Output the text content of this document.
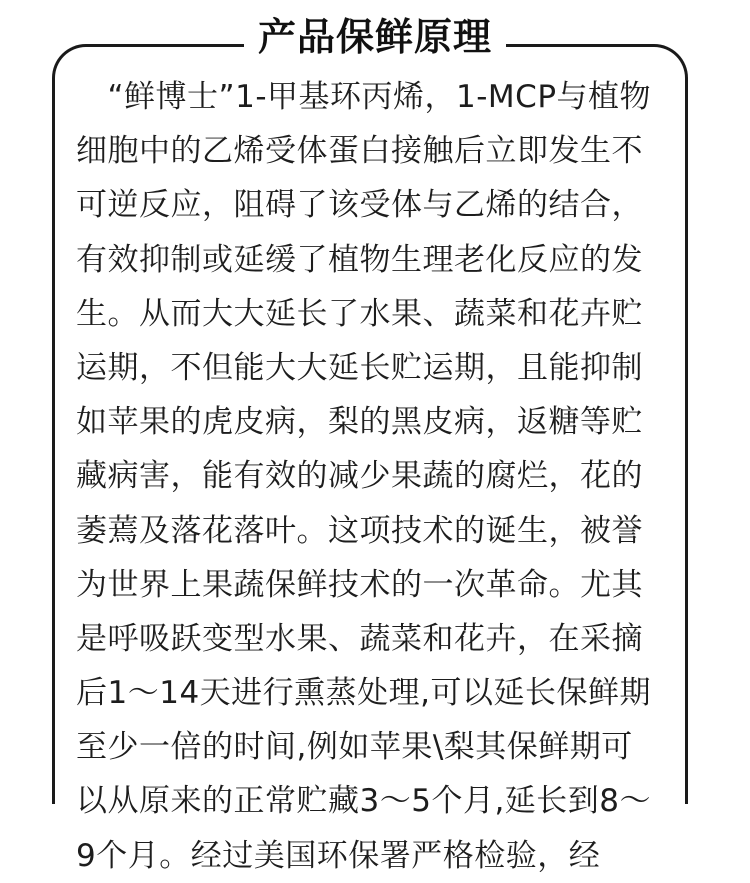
产品保鲜原理
　“鲜博士”1-甲基环丙烯，1-MCP与植物
细胞中的乙烯受体蛋白接触后立即发生不
可逆反应，阻碍了该受体与乙烯的结合，
有效抑制或延缓了植物生理老化反应的发
生。从而大大延长了水果、蔬菜和花卉贮
运期，不但能大大延长贮运期，且能抑制
如苹果的虎皮病，梨的黑皮病，返糖等贮
藏病害，能有效的减少果蔬的腐烂，花的
萎蔫及落花落叶。这项技术的诞生，被誉
为世界上果蔬保鲜技术的一次革命。尤其
是呼吸跃变型水果、蔬菜和花卉，在采摘
后1～14天进行熏蒸处理,可以延长保鲜期
至少一倍的时间,例如苹果\梨其保鲜期可
以从原来的正常贮藏3～5个月,延长到8～
9个月。经过美国环保署严格检验，经
